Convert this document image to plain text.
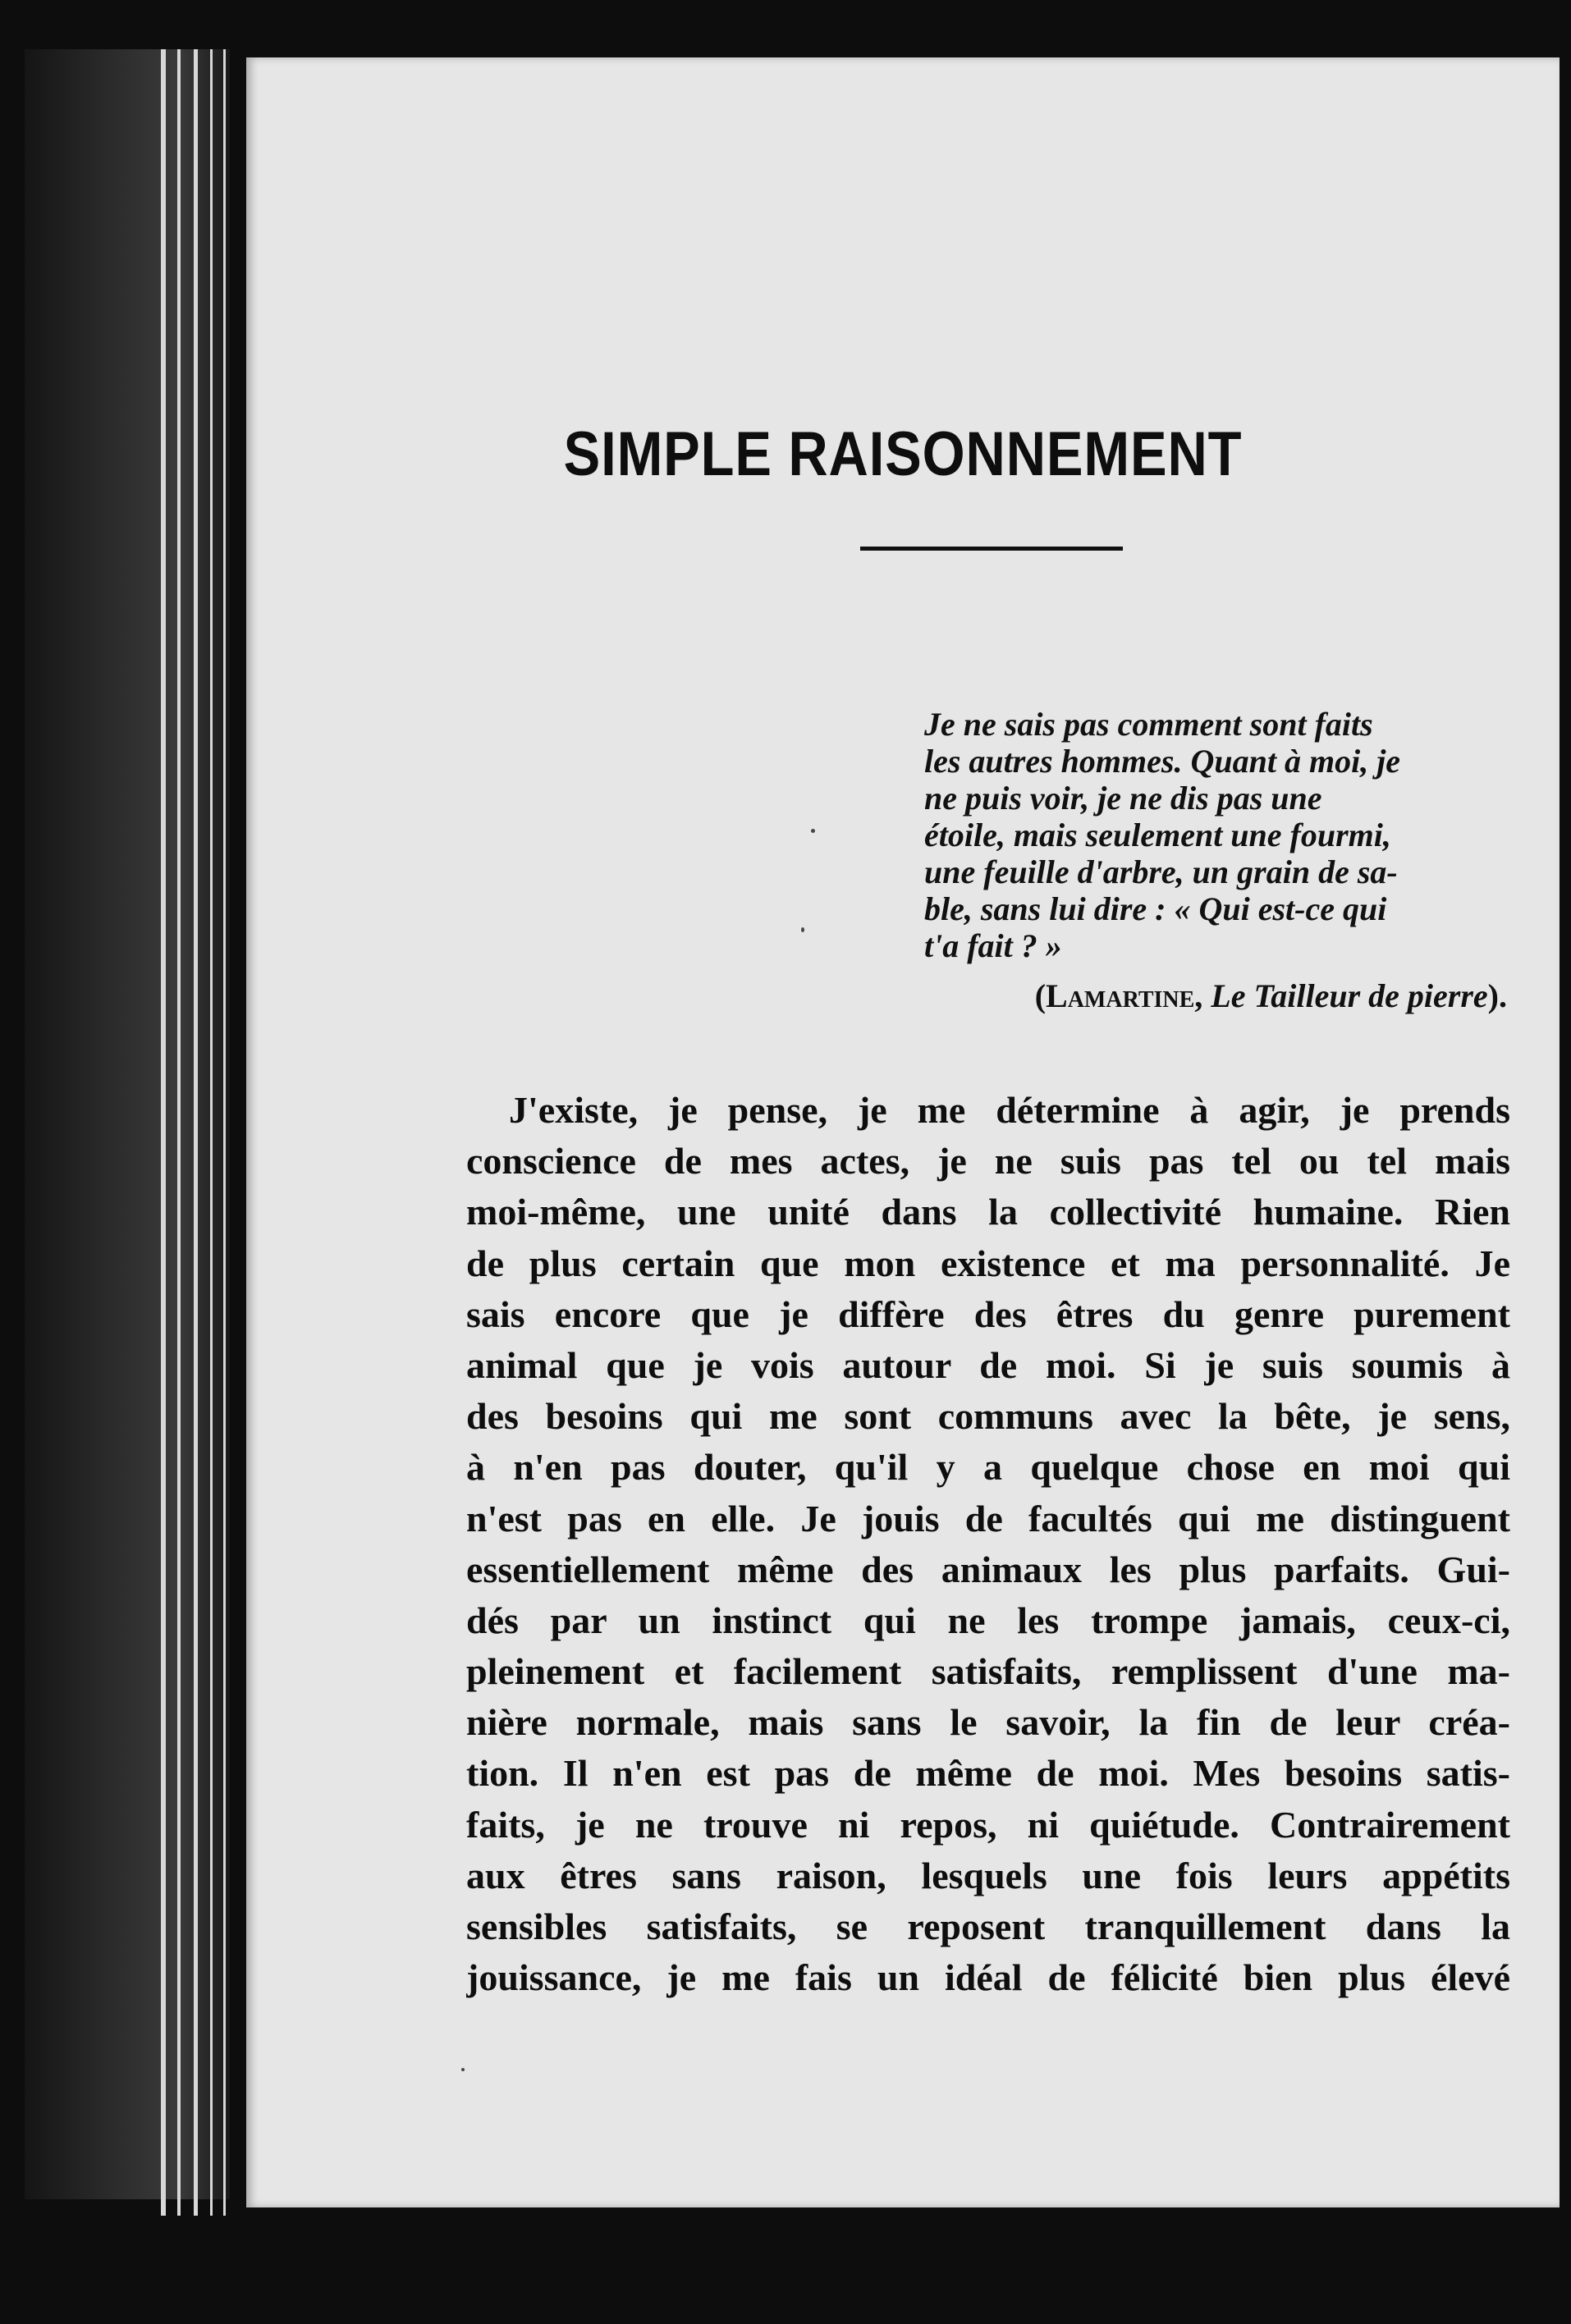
SIMPLE RAISONNEMENT
Je ne sais pas comment sont faits
les autres hommes. Quant à moi, je
ne puis voir, je ne dis pas une
étoile, mais seulement une fourmi,
une feuille d'arbre, un grain de sa-
ble, sans lui dire : « Qui est-ce qui
t'a fait ? »
(Lamartine, Le Tailleur de pierre).
J'existe, je pense, je me détermine à agir, je prends
conscience de mes actes, je ne suis pas tel ou tel mais
moi-même, une unité dans la collectivité humaine. Rien
de plus certain que mon existence et ma personnalité. Je
sais encore que je diffère des êtres du genre purement
animal que je vois autour de moi. Si je suis soumis à
des besoins qui me sont communs avec la bête, je sens,
à n'en pas douter, qu'il y a quelque chose en moi qui
n'est pas en elle. Je jouis de facultés qui me distinguent
essentiellement même des animaux les plus parfaits. Gui-
dés par un instinct qui ne les trompe jamais, ceux-ci,
pleinement et facilement satisfaits, remplissent d'une ma-
nière normale, mais sans le savoir, la fin de leur créa-
tion. Il n'en est pas de même de moi. Mes besoins satis-
faits, je ne trouve ni repos, ni quiétude. Contrairement
aux êtres sans raison, lesquels une fois leurs appétits
sensibles satisfaits, se reposent tranquillement dans la
jouissance, je me fais un idéal de félicité bien plus élevé
